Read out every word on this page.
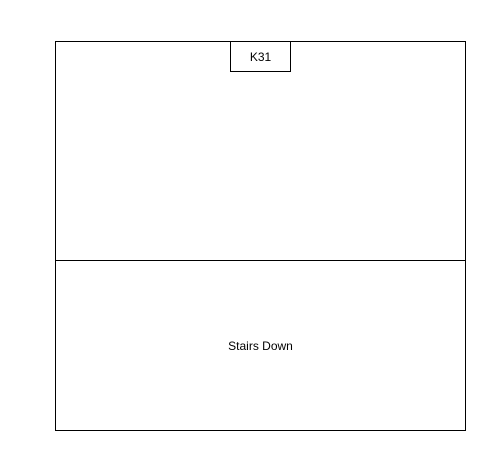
Stairs Down
K31
